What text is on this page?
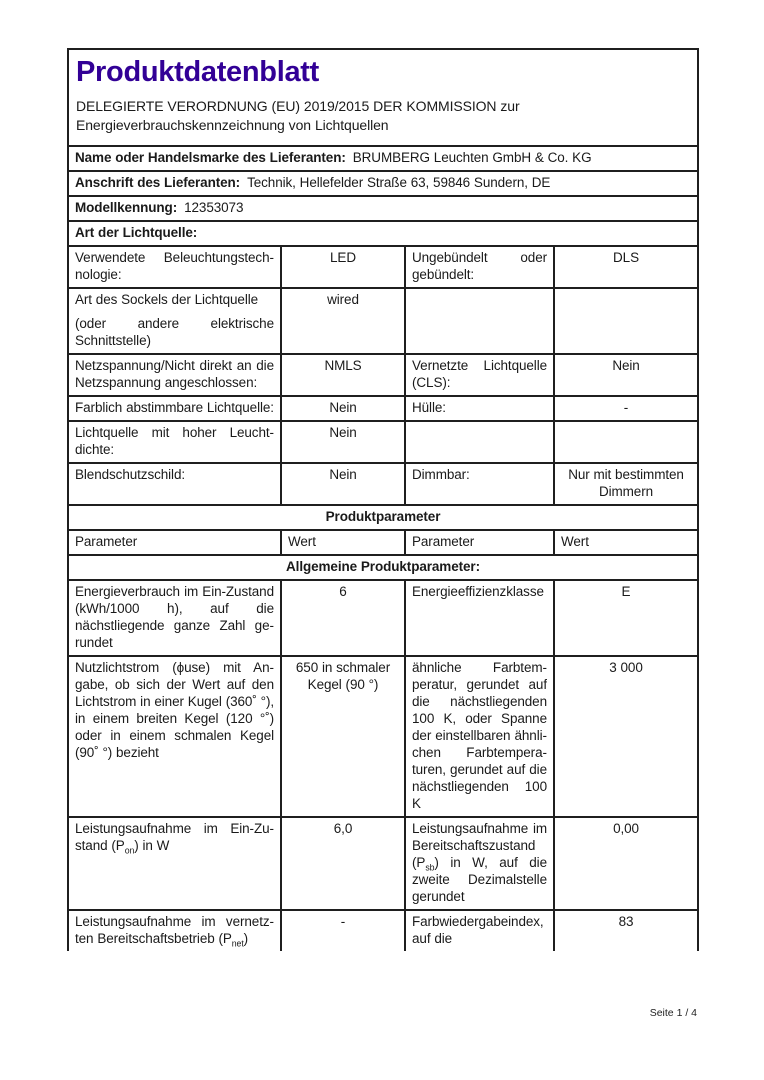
Produktdatenblatt
DELEGIERTE VERORDNUNG (EU) 2019/2015 DER KOMMISSION zur
Energieverbrauchskennzeichnung von Lichtquellen			

Name oder Handelsmarke des Lieferanten: BRUMBERG Leuchten GmbH & Co. KG			
Anschrift des Lieferanten: Technik, Hellefelder Straße 63, 59846 Sundern, DE			
Modellkennung: 12353073			
Art der Lichtquelle:			
Verwendete Beleuchtungstechnologie:	LED	Ungebündelt oder gebündelt:	DLS

Art des Sockels der Lichtquelle
(oder andere elektrische Schnittstelle)	wired		
Netzspannung/Nicht direkt an die Netzspannung angeschlossen:	NMLS	Vernetzte Lichtquelle (CLS):	Nein
Farblich abstimmbare Lichtquelle:	Nein	Hülle:	-
Lichtquelle mit hoher Leuchtdichte:	Nein		
Blendschutzschild:	Nein	Dimmbar:	Nur mit bestimmten Dimmern
Produktparameter			
Parameter	Wert	Parameter	Wert
Allgemeine Produktparameter:			
Energieverbrauch im Ein-Zustand (kWh/1000 h), auf die nächstliegende ganze Zahl gerundet	6	Energieeffizienzklasse	E

Nutzlichtstrom (ϕuse) mit Angabe, ob sich der Wert auf den Lichtstrom in einer Kugel (360˚ °), in einem breiten Kegel (120 °˚) oder in einem schmalen Kegel (90˚ °) bezieht	650 in schmaler Kegel (90 °)	ähnliche Farbtemperatur, gerundet auf die nächstliegenden 100 K, oder Spanne der einstellbaren ähnlichen Farbtemperaturen, gerundet auf die nächstliegenden 100 K	3 000
Leistungsaufnahme im Ein-Zustand $(P_{on})$ in W	6,0	Leistungsaufnahme im Bereitschaftszustand $(P_{sb})$ in W, auf die zweite Dezimalstelle gerundet	0,00
Leistungsaufnahme im vernetzten Bereitschaftsbetrieb $(P_{net})$	-	Farbwiedergabeindex, auf die	83
Seite 1 / 4
